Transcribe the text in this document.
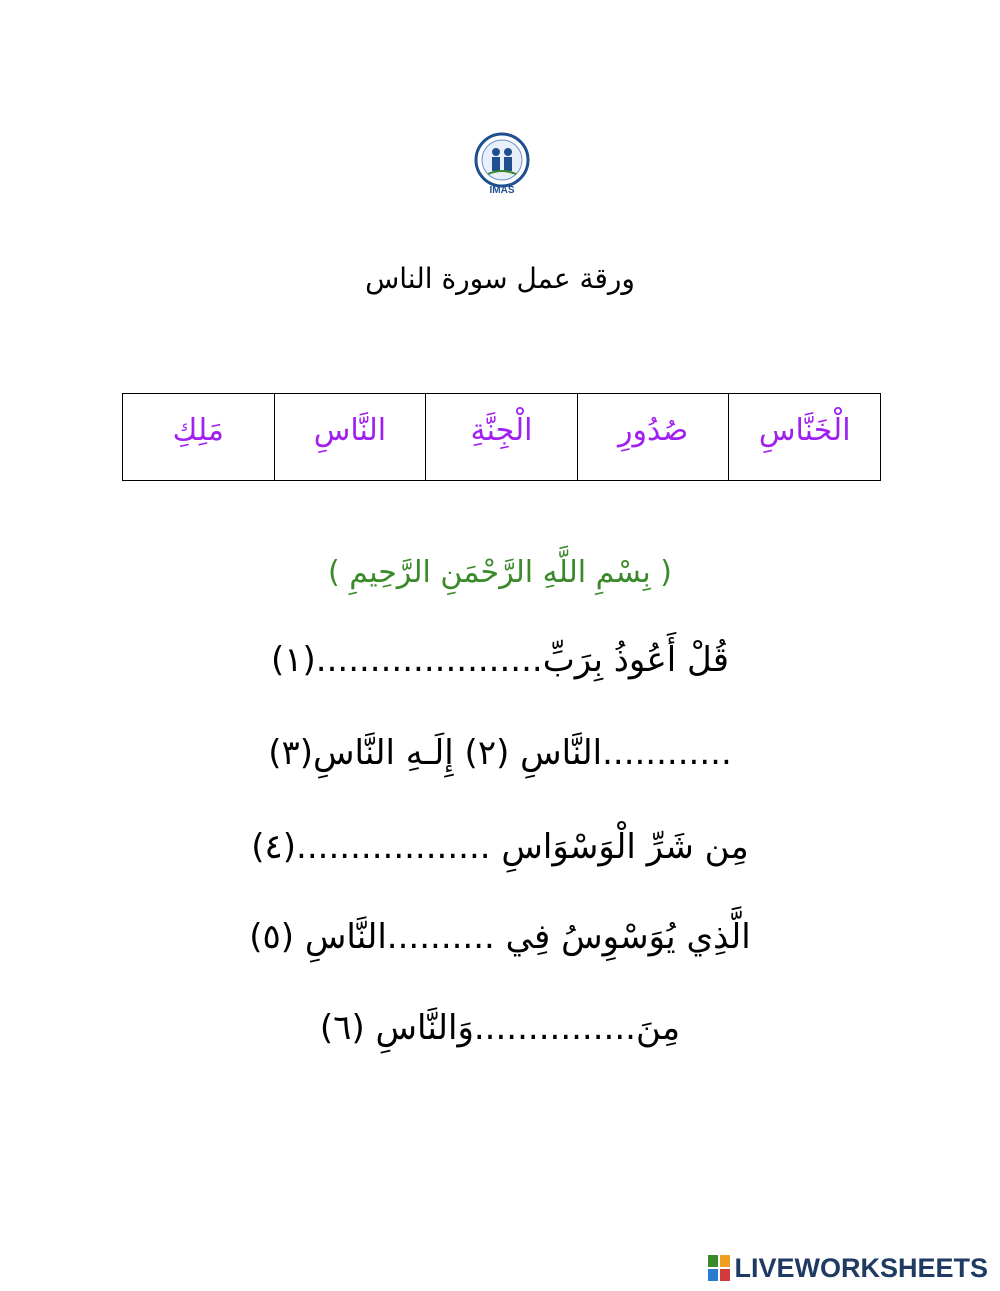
IMAS
ورقة عمل سورة الناس
الْخَنَّاسِ	صُدُورِ	الْجِنَّةِ	النَّاسِ	مَلِكِ
( بِسْمِ اللَّهِ الرَّحْمَنِ الرَّحِيمِ )
قُلْ أَعُوذُ بِرَبِّ.....................(١)
............النَّاسِ (٢) إِلَـهِ النَّاسِ(٣)
مِن شَرِّ الْوَسْوَاسِ ..................(٤)
الَّذِي يُوَسْوِسُ فِي ..........النَّاسِ (٥)
مِنَ...............وَالنَّاسِ (٦)
LIVEWORKSHEETS
